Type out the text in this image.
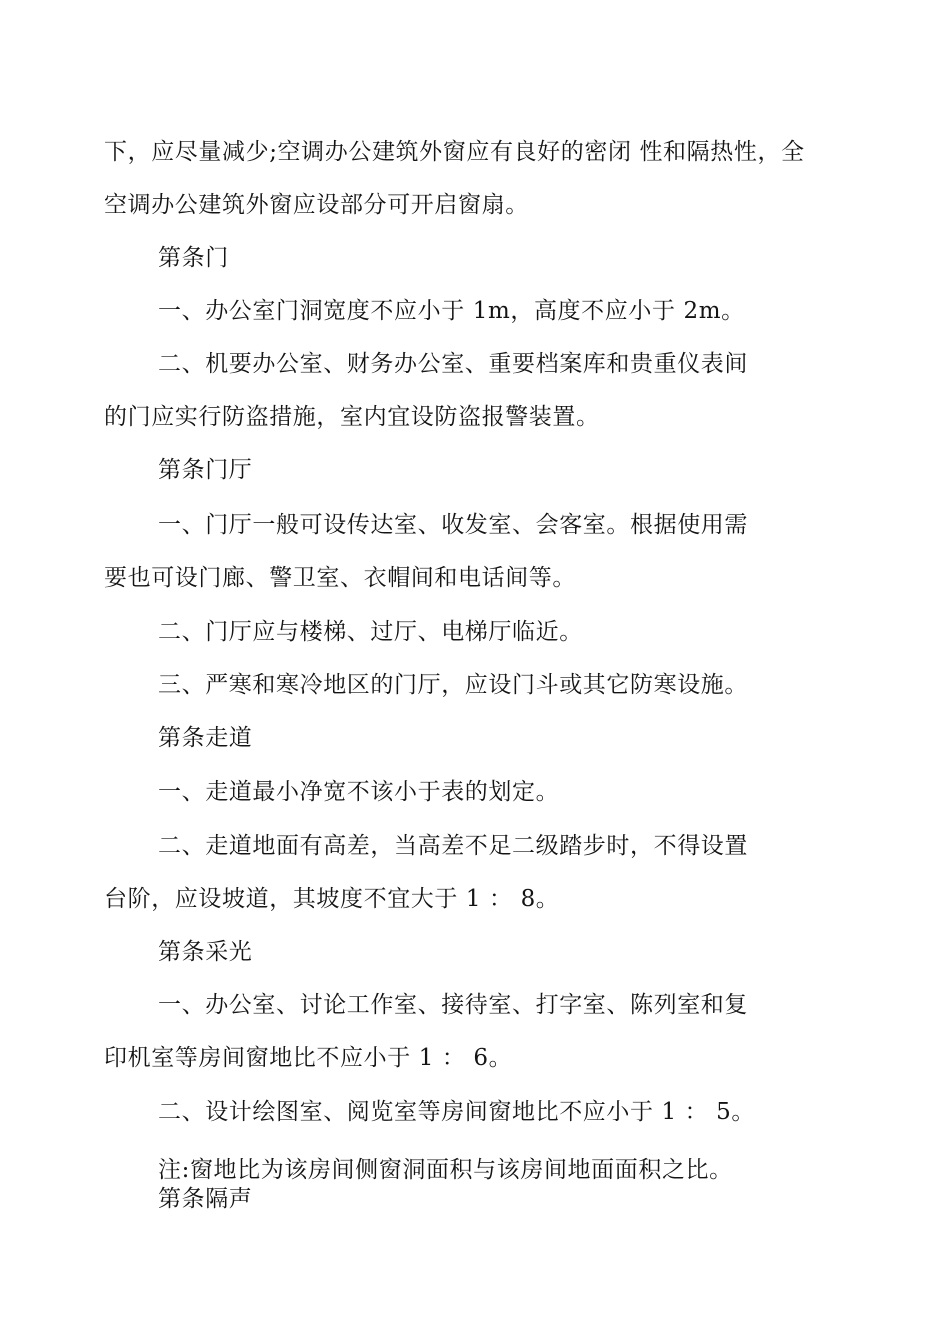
下，应尽量减少;空调办公建筑外窗应有良好的密闭 性和隔热性，全
空调办公建筑外窗应设部分可开启窗扇。
第条门
一、办公室门洞宽度不应小于 1m，高度不应小于 2m。
二、机要办公室、财务办公室、重要档案库和贵重仪表间
的门应实行防盗措施，室内宜设防盗报警装置。
第条门厅
一、门厅一般可设传达室、收发室、会客室。根据使用需
要也可设门廊、警卫室、衣帽间和电话间等。
二、门厅应与楼梯、过厅、电梯厅临近。
三、严寒和寒冷地区的门厅，应设门斗或其它防寒设施。
第条走道
一、走道最小净宽不该小于表的划定。
二、走道地面有高差，当高差不足二级踏步时，不得设置
台阶，应设坡道，其坡度不宜大于 1 ： 8。
第条采光
一、办公室、讨论工作室、接待室、打字室、陈列室和复
印机室等房间窗地比不应小于 1 ： 6。
二、设计绘图室、阅览室等房间窗地比不应小于 1 ： 5。
注:窗地比为该房间侧窗洞面积与该房间地面面积之比。
第条隔声
